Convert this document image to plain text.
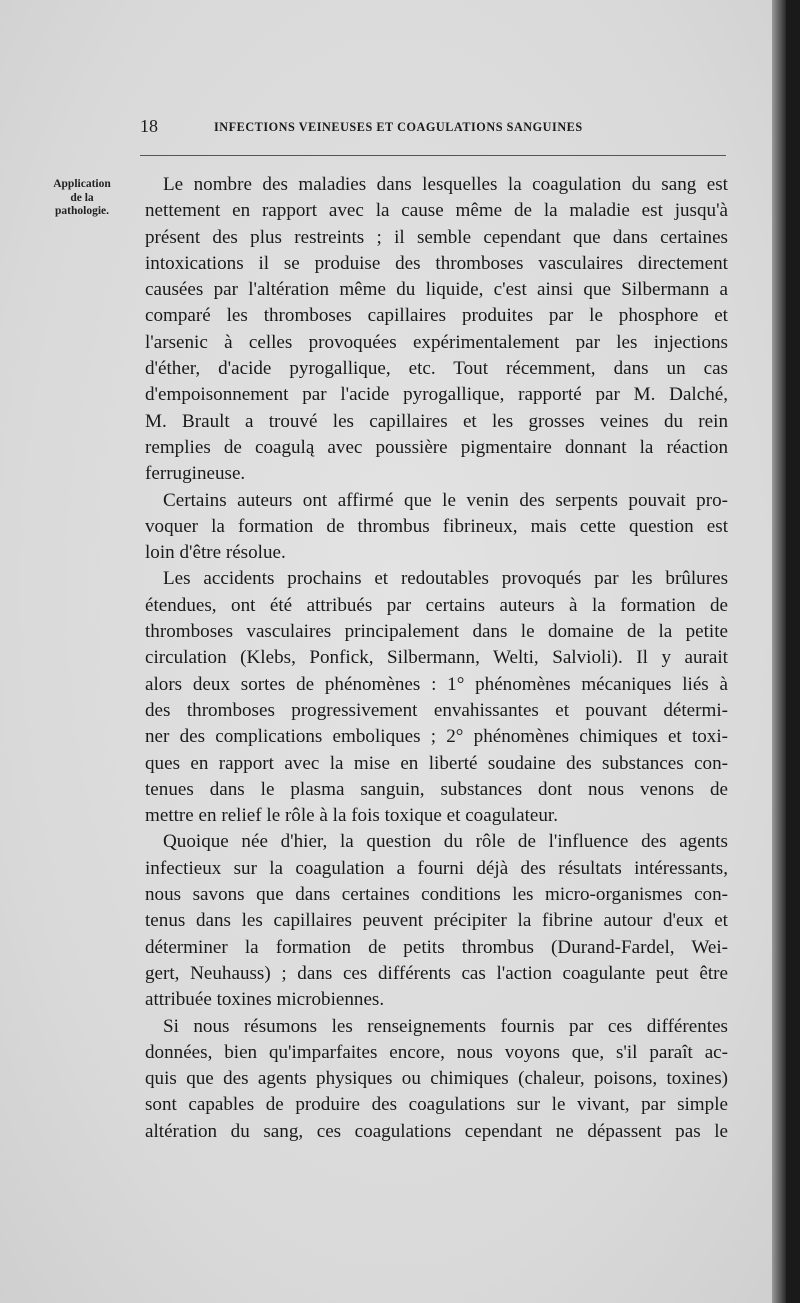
18	INFECTIONS VEINEUSES ET COAGULATIONS SANGUINES
Application
de la
pathologie.
Le nombre des maladies dans lesquelles la coagulation du sang est
nettement en rapport avec la cause même de la maladie est jusqu'à
présent des plus restreints ; il semble cependant que dans certaines
intoxications il se produise des thromboses vasculaires directement
causées par l'altération même du liquide, c'est ainsi que Silbermann a
comparé les thromboses capillaires produites par le phosphore et
l'arsenic à celles provoquées expérimentalement par les injections
d'éther, d'acide pyrogallique, etc. Tout récemment, dans un cas
d'empoisonnement par l'acide pyrogallique, rapporté par M. Dalché,
M. Brault a trouvé les capillaires et les grosses veines du rein
remplies de coagulą avec poussière pigmentaire donnant la réaction
ferrugineuse.
Certains auteurs ont affirmé que le venin des serpents pouvait pro-
voquer la formation de thrombus fibrineux, mais cette question est
loin d'être résolue.
Les accidents prochains et redoutables provoqués par les brûlures
étendues, ont été attribués par certains auteurs à la formation de
thromboses vasculaires principalement dans le domaine de la petite
circulation (Klebs, Ponfick, Silbermann, Welti, Salvioli). Il y aurait
alors deux sortes de phénomènes : 1° phénomènes mécaniques liés à
des thromboses progressivement envahissantes et pouvant détermi-
ner des complications emboliques ; 2° phénomènes chimiques et toxi-
ques en rapport avec la mise en liberté soudaine des substances con-
tenues dans le plasma sanguin, substances dont nous venons de
mettre en relief le rôle à la fois toxique et coagulateur.
Quoique née d'hier, la question du rôle de l'influence des agents
infectieux sur la coagulation a fourni déjà des résultats intéressants,
nous savons que dans certaines conditions les micro-organismes con-
tenus dans les capillaires peuvent précipiter la fibrine autour d'eux et
déterminer la formation de petits thrombus (Durand-Fardel, Wei-
gert, Neuhauss) ; dans ces différents cas l'action coagulante peut être
attribuée toxines microbiennes.
Si nous résumons les renseignements fournis par ces différentes
données, bien qu'imparfaites encore, nous voyons que, s'il paraît ac-
quis que des agents physiques ou chimiques (chaleur, poisons, toxines)
sont capables de produire des coagulations sur le vivant, par simple
altération du sang, ces coagulations cependant ne dépassent pas le
